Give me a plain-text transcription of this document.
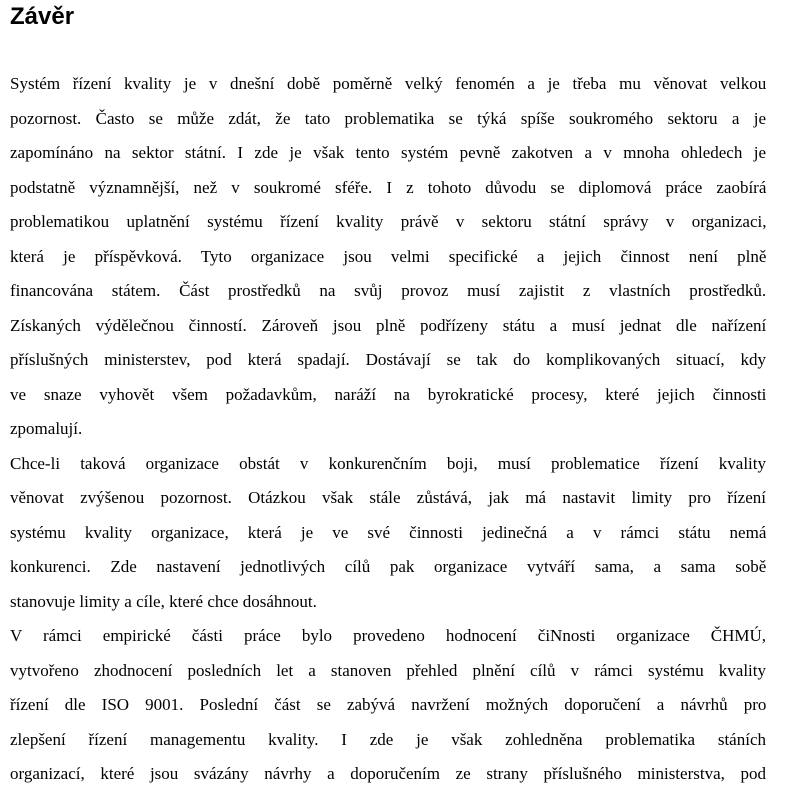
Závěr

Systém řízení kvality je v dnešní době poměrně velký fenomén a je třeba mu věnovat velkou
pozornost. Často se může zdát, že tato problematika se týká spíše soukromého sektoru a je
zapomínáno na sektor státní. I zde je však tento systém pevně zakotven a v mnoha ohledech je
podstatně významnější, než v soukromé sféře. I z tohoto důvodu se diplomová práce zaobírá
problematikou uplatnění systému řízení kvality právě v sektoru státní správy v organizaci,
která je příspěvková. Tyto organizace jsou velmi specifické a jejich činnost není plně
financována státem. Část prostředků na svůj provoz musí zajistit z vlastních prostředků.
Získaných výdělečnou činností. Zároveň jsou plně podřízeny státu a musí jednat dle nařízení
příslušných ministerstev, pod která spadají. Dostávají se tak do komplikovaných situací, kdy
ve snaze vyhovět všem požadavkům, naráží na byrokratické procesy, které jejich činnosti
zpomalují.

Chce-li taková organizace obstát v konkurenčním boji, musí problematice řízení kvality
věnovat zvýšenou pozornost. Otázkou však stále zůstává, jak má nastavit limity pro řízení
systému kvality organizace, která je ve své činnosti jedinečná a v rámci státu nemá
konkurenci. Zde nastavení jednotlivých cílů pak organizace vytváří sama, a sama sobě
stanovuje limity a cíle, které chce dosáhnout.

V rámci empirické části práce bylo provedeno hodnocení čiNnosti organizace ČHMÚ,
vytvořeno zhodnocení posledních let a stanoven přehled plnění cílů v rámci systému kvality
řízení dle ISO 9001. Poslední část se zabývá navržení možných doporučení a návrhů pro
zlepšení řízení managementu kvality. I zde je však zohledněna problematika stáních
organizací, které jsou svázány návrhy a doporučením ze strany příslušného ministerstva, pod
